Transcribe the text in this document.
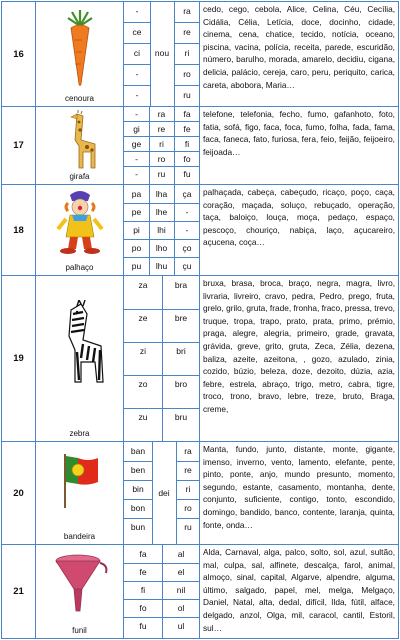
16
cenoura
-
ce
ci
-
-
nou
ra
re
ri
ro
ru
cedo, cego, cebola, Alice, Celina, Céu, Cecília, Cidália, Célia, Letícia, doce, docinho, cidade, cinema, cena, chatice, tecido, notícia, oceano, piscina, vacina, polícia, receita, parede, escuridão, número, barulho, morada, amarelo, decidiu, cigana, delicia, palácio, cereja, caro, peru, periquito, carica, careta, abobora, Maria…
17
girafa
-
gi
ge
-
-
ra
re
ri
ro
ru
fa
fe
fi
fo
fu
telefone, telefonia, fecho, fumo, gafanhoto, foto, fatia, sofá, figo, faca, foca, fumo, folha, fada, fama, faca, faneca, fato, furiosa, fera, feio, feijão, feijoeiro, feijoada…
18
palhaço
pa
pe
pi
po
pu
lha
lhe
lhi
lho
lhu
ça
-
-
ço
çu
palhaçada, cabeça, cabeçudo, ricaço, poço, caça, coração, maçada, soluço, rebuçado, operação, taça, baloiço, louça, moça, pedaço, espaço, pescoço, chouriço, nabiça, laço, açucareiro, açucena, coça…
19
zebra
za
ze
zi
zo
zu
bra
bre
bri
bro
bru
bruxa, brasa, broca, braço, negra, magra, livro, livraria, livreiro, cravo, pedra, Pedro, prego, fruta, grelo, grilo, gruta, frade, fronha, fraco, pressa, trevo, truque, tropa, trapo, prato, prata, primo, prémio, praga, alegre, alegria, primeiro, grade, gravata, grávida, greve, grito, gruta, Zeca, Zélia, dezena, baliza, azeite, azeitona, , gozo, azulado, zinia, cozido, búzio, beleza, doze, dezoito, dúzia, azia, febre, estrela, abraço, trigo, metro, cabra, tigre, troco, trono, bravo, lebre, treze, bruto, Braga, creme,
20
bandeira
ban
ben
bin
bon
bun
dei
ra
re
ri
ro
ru
Manta, fundo, junto, distante, monte, gigante, imenso, inverno, vento, lamento, elefante, pente, pinto, ponte, anjo, mundo presunto, momento, segundo, estante, casamento, montanha, dente, conjunto, suficiente, contigo, tonto, escondido, domingo, bandido, banco, contente, laranja, quinta, fonte, onda…
21
funil
fa
fe
fi
fo
fu
al
el
nil
ol
ul
Alda, Carnaval, alga, palco, solto, sol, azul, sultão, mal, culpa, sal, alfinete, descalça, farol, animal, almoço, sinal, capital, Algarve, alpendre, alguma, último, salgado, papel, mel, melga, Melgaço, Daniel, Natal, alta, dedal, difícil, Ilda, fútil, alface, delgado, anzol, Olga, mil, caracol, cantil, Estoril, sul…
